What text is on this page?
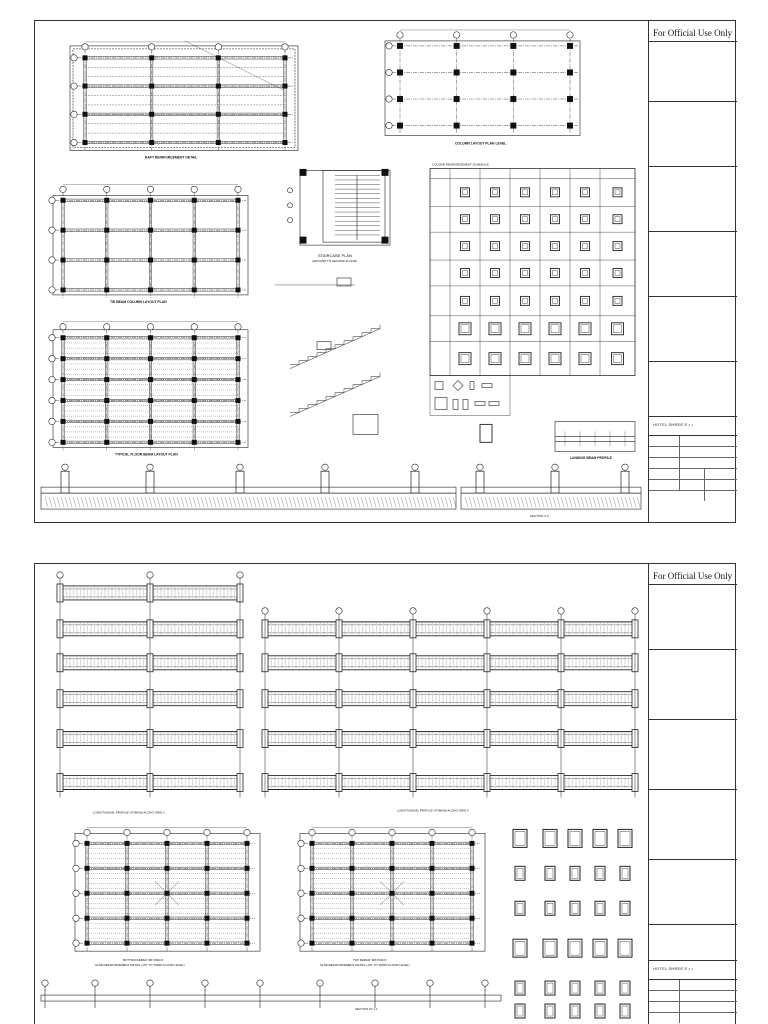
RAFT REINFORCEMENT DETAIL
COLUMN LAYOUT PLAN LEVEL
TIE BEAM COLUMN LAYOUT PLAN
STAIRCASE PLAN
(GROUND TO SECOND FLOOR)
COLUMN REINFORCEMENT SCHEDULE
TYPICAL FLOOR BEAM LAYOUT PLAN
LANDING BEAM PROFILE
SECTION X-X
For Official Use Only
HOTEL SHREE’S • •
LONGITUDINAL PROFILE OF BEAM ALONG GRID 1	LONGITUDINAL PROFILE OF BEAM ALONG GRID 5
BOTTOM REBAR: 8Ø 150C/C
SLAB REINFORCEMENT DETAIL (1ST TO THIRD FLOOR LEVEL)
TOP REBAR: 8Ø 150C/C
SLAB REINFORCEMENT DETAIL (1ST TO THIRD FLOOR LEVEL)
SECTION AT 1-1
For Official Use Only
HOTEL SHREE’S • •
